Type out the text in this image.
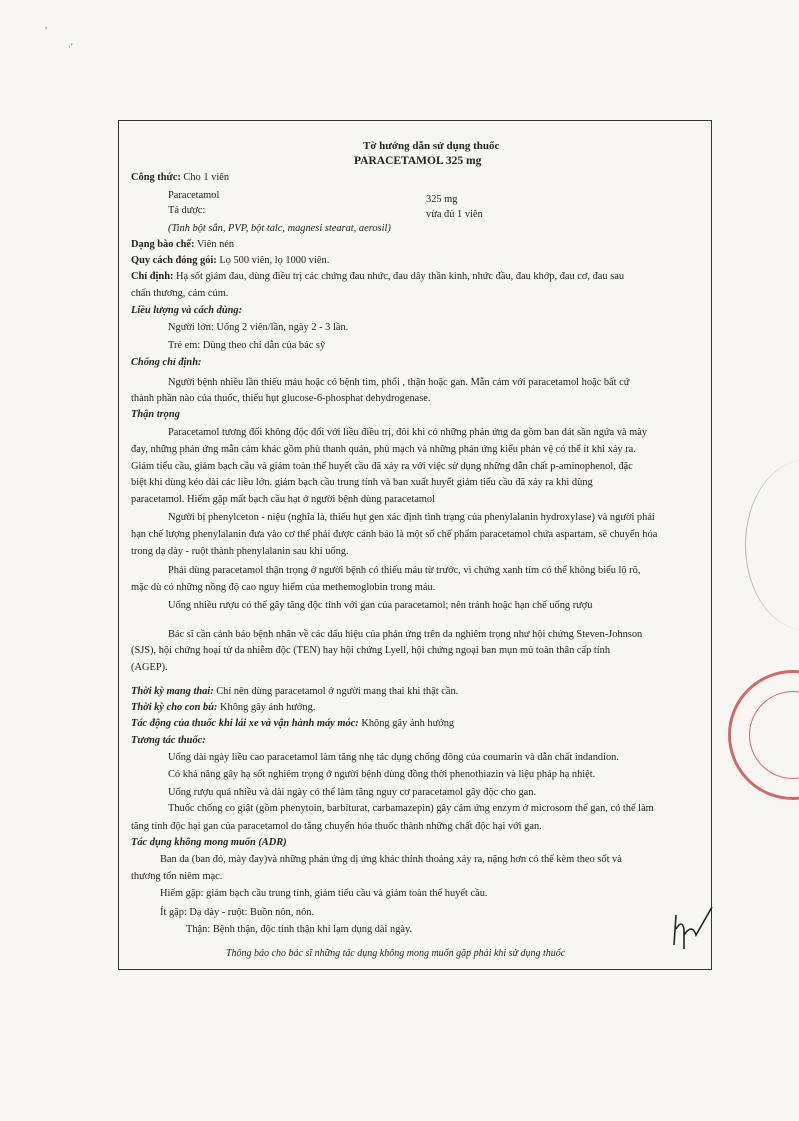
Tờ hướng dẫn sử dụng thuốc
PARACETAMOL 325 mg
Công thức: Cho 1 viên
Paracetamol	325 mg
Tá dược:	vừa đủ 1 viên
(Tinh bột sắn, PVP, bột talc, magnesi stearat, aerosil)
Dạng bào chế: Viên nén
Quy cách đóng gói: Lọ 500 viên, lọ 1000 viên.
Chỉ định: Hạ sốt giảm đau, dùng điều trị các chứng đau nhức, đau dây thần kinh, nhức đầu, đau khớp, đau cơ, đau sau
chấn thương, cảm cúm.
Liều lượng và cách dùng:
Người lớn: Uống 2 viên/lần, ngày 2 - 3 lần.
Trẻ em: Dùng theo chỉ dẫn của bác sỹ
Chống chỉ định:
Người bệnh nhiều lần thiếu máu hoặc có bệnh tim, phổi , thận hoặc gan. Mẫn cảm với paracetamol hoặc bất cứ
thành phần nào của thuốc, thiếu hụt glucose-6-phosphat dehydrogenase.
Thận trọng
Paracetamol tương đối không độc đối với liều điều trị, đôi khi có những phản ứng da gồm ban dát sần ngứa và mày
đay, những phản ứng mẫn cảm khác gồm phù thanh quản, phù mạch và những phản ứng kiểu phản vệ có thể ít khi xảy ra.
Giảm tiểu cầu, giảm bạch cầu và giảm toàn thể huyết cầu đã xảy ra với việc sử dụng những dẫn chất p-aminophenol, đặc
biệt khi dùng kéo dài các liều lớn. giảm bạch cầu trung tính và ban xuất huyết giảm tiểu cầu đã xảy ra khi dùng
paracetamol. Hiếm gặp mất bạch cầu hạt ở người bệnh dùng paracetamol
Người bị phenylceton - niệu (nghĩa là, thiếu hụt gen xác định tình trạng của phenylalanin hydroxylase) và người phải
hạn chế lượng phenylalanin đưa vào cơ thể phải được cảnh báo là một số chế phẩm paracetamol chứa aspartam, sẽ chuyển hóa
trong dạ dày - ruột thành phenylalanin sau khi uống.
Phải dùng paracetamol thận trọng ở người bệnh có thiếu máu từ trước, vì chứng xanh tím có thể không biểu lộ rõ,
mặc dù có những nồng độ cao nguy hiểm của methemoglobin trong máu.
Uống nhiều rượu có thể gây tăng độc tính với gan của paracetamol; nên tránh hoặc hạn chế uống rượu
Bác sĩ cần cảnh báo bệnh nhân về các dấu hiệu của phản ứng trên da nghiêm trọng như hội chứng Steven-Johnson
(SJS), hội chứng hoại tử da nhiễm độc (TEN) hay hội chứng Lyell, hội chứng ngoại ban mụn mủ toàn thân cấp tính
(AGEP).
Thời kỳ mang thai: Chỉ nên dùng paracetamol ở người mang thai khi thật cần.
Thời kỳ cho con bú: Không gây ảnh hưởng.
Tác động của thuốc khi lái xe và vận hành máy móc: Không gây ảnh hưởng
Tương tác thuốc:
Uống dài ngày liều cao paracetamol làm tăng nhẹ tác dụng chống đông của coumarin và dẫn chất indandion.
Có khả năng gây hạ sốt nghiêm trọng ở người bệnh dùng đồng thời phenothiazin và liệu pháp hạ nhiệt.
Uống rượu quá nhiều và dài ngày có thể làm tăng nguy cơ paracetamol gây độc cho gan.
Thuốc chống co giật (gồm phenytoin, barbiturat, carbamazepin) gây cảm ứng enzym ở microsom thể gan, có thể làm
tăng tính độc hại gan của paracetamol do tăng chuyển hóa thuốc thành những chất độc hại với gan.
Tác dụng không mong muốn (ADR)
Ban da (ban đỏ, mày đay)và những phản ứng dị ứng khác thỉnh thoảng xảy ra, nặng hơn có thể kèm theo sốt và
thương tổn niêm mạc.
Hiếm gặp: giảm bạch cầu trung tính, giảm tiểu cầu và giảm toàn thể huyết cầu.
Ít gặp: Dạ dày - ruột: Buồn nôn, nôn.
Thận: Bệnh thận, độc tính thận khi lạm dụng dài ngày.
Thông báo cho bác sĩ những tác dụng không mong muốn gặp phải khi sử dụng thuốc
,
·'
